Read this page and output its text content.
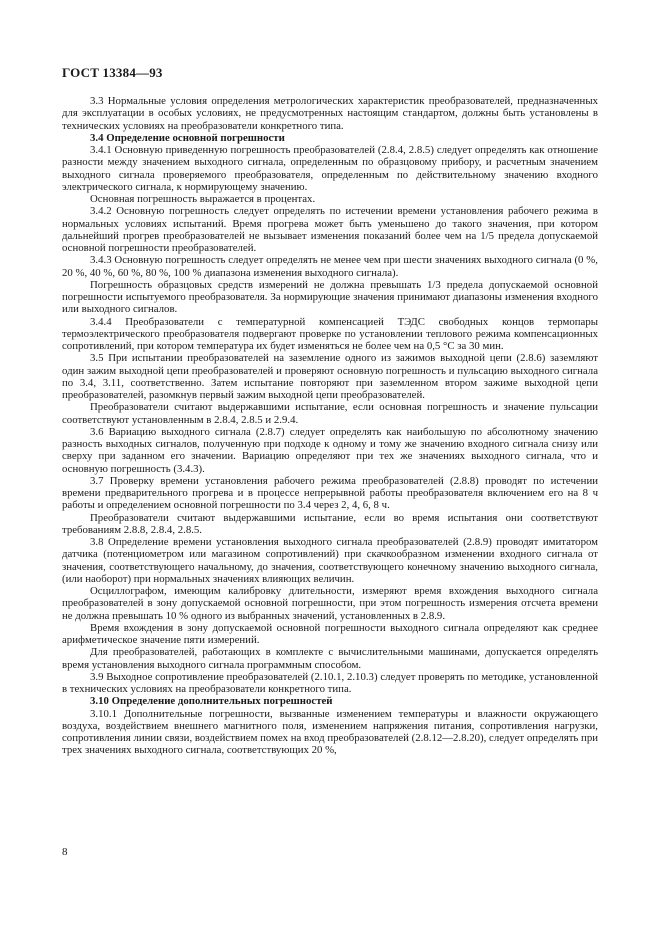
ГОСТ 13384—93

3.3 Нормальные условия определения метрологических характеристик преобразователей, предназначенных для эксплуатации в особых условиях, не предусмотренных настоящим стандартом, должны быть установлены в технических условиях на преобразователи конкретного типа.

3.4 Определение основной погрешности

3.4.1 Основную приведенную погрешность преобразователей (2.8.4, 2.8.5) следует определять как отношение разности между значением выходного сигнала, определенным по образцовому прибору, и расчетным значением выходного сигнала проверяемого преобразователя, определенным по действительному значению входного электрического сигнала, к нормирующему значению.

Основная погрешность выражается в процентах.

3.4.2 Основную погрешность следует определять по истечении времени установления рабочего режима в нормальных условиях испытаний. Время прогрева может быть уменьшено до такого значения, при котором дальнейший прогрев преобразователей не вызывает изменения показаний более чем на 1/5 предела допускаемой основной погрешности преобразователей.

3.4.3 Основную погрешность следует определять не менее чем при шести значениях выходного сигнала (0 %, 20 %, 40 %, 60 %, 80 %, 100 % диапазона изменения выходного сигнала).

Погрешность образцовых средств измерений не должна превышать 1/3 предела допускаемой основной погрешности испытуемого преобразователя. За нормирующие значения принимают диапазоны изменения входного или выходного сигналов.

3.4.4 Преобразователи с температурной компенсацией ТЭДС свободных концов термопары термоэлектрического преобразователя подвергают проверке по установлении теплового режима компенсационных сопротивлений, при котором температура их будет изменяться не более чем на 0,5 °С за 30 мин.

3.5 При испытании преобразователей на заземление одного из зажимов выходной цепи (2.8.6) заземляют один зажим выходной цепи преобразователей и проверяют основную погрешность и пульсацию выходного сигнала по 3.4, 3.11, соответственно. Затем испытание повторяют при заземленном втором зажиме выходной цепи преобразователей, разомкнув первый зажим выходной цепи преобразователей.

Преобразователи считают выдержавшими испытание, если основная погрешность и значение пульсации соответствуют установленным в 2.8.4, 2.8.5 и 2.9.4.

3.6 Вариацию выходного сигнала (2.8.7) следует определять как наибольшую по абсолютному значению разность выходных сигналов, полученную при подходе к одному и тому же значению входного сигнала снизу или сверху при заданном его значении. Вариацию определяют при тех же значениях выходного сигнала, что и основную погрешность (3.4.3).

3.7 Проверку времени установления рабочего режима преобразователей (2.8.8) проводят по истечении времени предварительного прогрева и в процессе непрерывной работы преобразователя включением его на 8 ч работы и определением основной погрешности по 3.4 через 2, 4, 6, 8 ч.

Преобразователи считают выдержавшими испытание, если во время испытания они соответствуют требованиям 2.8.8, 2.8.4, 2.8.5.

3.8 Определение времени установления выходного сигнала преобразователей (2.8.9) проводят имитатором датчика (потенциометром или магазином сопротивлений) при скачкообразном изменении входного сигнала от значения, соответствующего начальному, до значения, соответствующего конечному значению выходного сигнала, (или наоборот) при нормальных значениях влияющих величин.

Осциллографом, имеющим калибровку длительности, измеряют время вхождения выходного сигнала преобразователей в зону допускаемой основной погрешности, при этом погрешность измерения отсчета времени не должна превышать 10 % одного из выбранных значений, установленных в 2.8.9.

Время вхождения в зону допускаемой основной погрешности выходного сигнала определяют как среднее арифметическое значение пяти измерений.

Для преобразователей, работающих в комплекте с вычислительными машинами, допускается определять время установления выходного сигнала программным способом.

3.9 Выходное сопротивление преобразователей (2.10.1, 2.10.3) следует проверять по методике, установленной в технических условиях на преобразователи конкретного типа.

3.10 Определение дополнительных погрешностей

3.10.1 Дополнительные погрешности, вызванные изменением температуры и влажности окружающего воздуха, воздействием внешнего магнитного поля, изменением напряжения питания, сопротивления нагрузки, сопротивления линии связи, воздействием помех на вход преобразователей (2.8.12—2.8.20), следует определять при трех значениях выходного сигнала, соответствующих 20 %,

8
